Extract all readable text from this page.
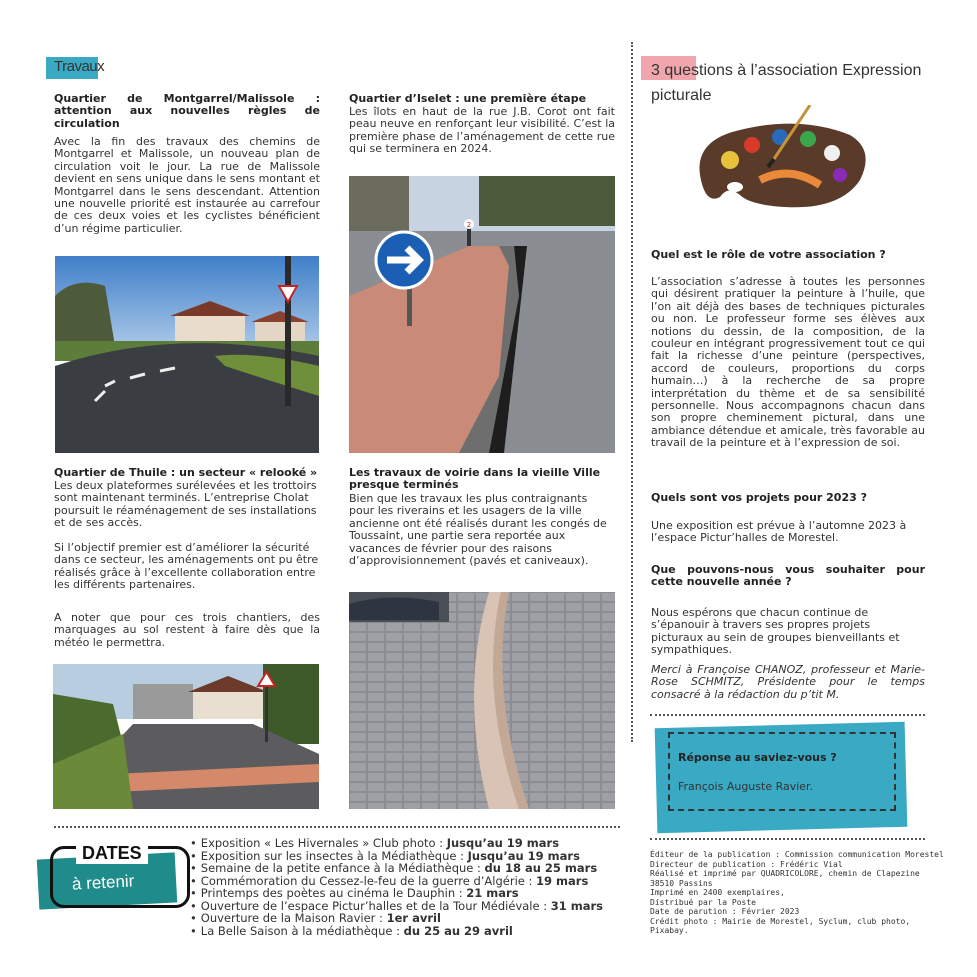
Travaux
Quartier de Montgarrel/Malissole : attention aux nouvelles règles de circulation
Avec la fin des travaux des chemins de Montgarrel et Malissole, un nouveau plan de circulation voit le jour. La rue de Malissole devient en sens unique dans le sens montant et Montgarrel dans le sens descendant. Attention une nouvelle priorité est instaurée au carrefour de ces deux voies et les cyclistes bénéficient d’un régime particulier.
Quartier d’Iselet : une première étape
Les îlots en haut de la rue J.B. Corot ont fait peau neuve en renforçant leur visibilité. C’est la première phase de l’aménagement de cette rue qui se terminera en 2024.
2
Quartier de Thuile : un secteur « relooké »
Les deux plateformes surélevées et les trottoirs sont maintenant terminés. L’entreprise Cholat poursuit le réaménagement de ses installations et de ses accès.
Si l’objectif premier est d’améliorer la sécurité dans ce secteur, les aménagements ont pu être réalisés grâce à l’excellente collaboration entre les différents partenaires.
A noter que pour ces trois chantiers, des marquages au sol restent à faire dès que la météo le permettra.
Les travaux de voirie dans la vieille Ville presque terminés
Bien que les travaux les plus contraignants pour les riverains et les usagers de la ville ancienne ont été réalisés durant les congés de Toussaint, une partie sera reportée aux vacances de février pour des raisons d’approvisionnement (pavés et caniveaux).
3 questions à l’association Expression picturale
Quel est le rôle de votre association ?
L’association s’adresse à toutes les personnes qui désirent pratiquer la peinture à l’huile, que l’on ait déjà des bases de techniques picturales ou non. Le professeur forme ses élèves aux notions du dessin, de la composition, de la couleur en intégrant progressivement tout ce qui fait la richesse d’une peinture (perspectives, accord de couleurs, proportions du corps humain…) à la recherche de sa propre interprétation du thème et de sa sensibilité personnelle. Nous accompagnons chacun dans son propre cheminement pictural, dans une ambiance détendue et amicale, très favorable au travail de la peinture et à l’expression de soi.
Quels sont vos projets pour 2023 ?
Une exposition est prévue à l’automne 2023 à l’espace Pictur’halles de Morestel.
Que pouvons-nous vous souhaiter pour cette nouvelle année ?
Nous espérons que chacun continue de s’épanouir à travers ses propres projets picturaux au sein de groupes bienveillants et sympathiques.
Merci à Françoise CHANOZ, professeur et Marie-Rose SCHMITZ, Présidente pour le temps consacré à la rédaction du p’tit M.
Réponse au saviez-vous ?
François Auguste Ravier.
Éditeur de la publication : Commission communication Morestel
Directeur de publication : Frédéric Vial
Réalisé et imprimé par QUADRICOLORE, chemin de Clapezine
38510 Passins
Imprimé en 2400 exemplaires,
Distribué par la Poste
Date de parution : Février 2023
Crédit photo : Mairie de Morestel, Syclum, club photo,
Pixabay.
DATES
à retenir
• Exposition « Les Hivernales » Club photo : Jusqu’au 19 mars
• Exposition sur les insectes à la Médiathèque : Jusqu’au 19 mars
• Semaine de la petite enfance à la Médiathèque : du 18 au 25 mars
• Commémoration du Cessez-le-feu de la guerre d’Algérie : 19 mars
• Printemps des poètes au cinéma le Dauphin : 21 mars
• Ouverture de l’espace Pictur’halles et de la Tour Médiévale : 31 mars
• Ouverture de la Maison Ravier : 1er avril
• La Belle Saison à la médiathèque : du 25 au 29 avril
